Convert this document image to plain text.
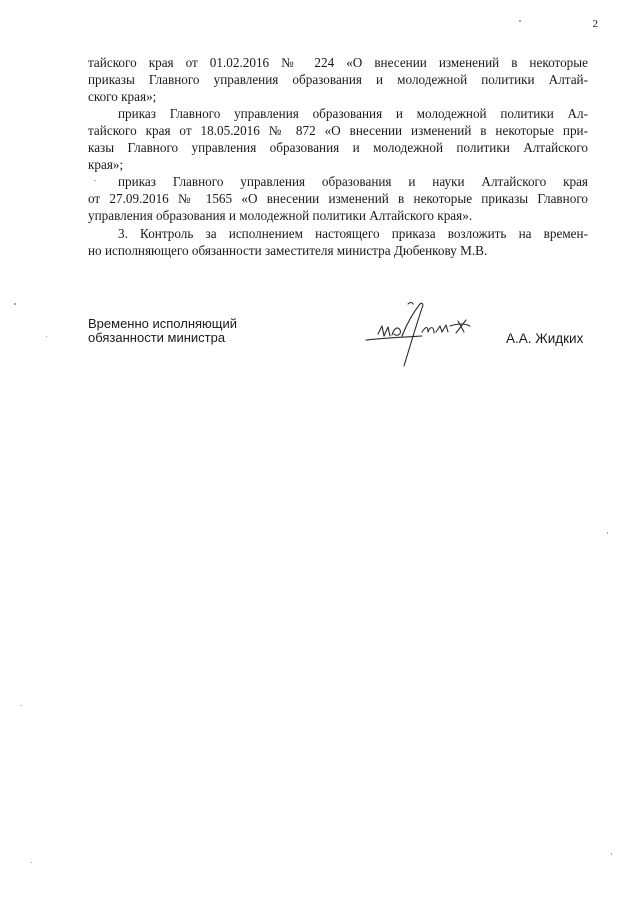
2
тайского края от 01.02.2016 № 224 «О внесении изменений в некоторые
приказы Главного управления образования и молодежной политики Алтай-
ского края»;
приказ Главного управления образования и молодежной политики Ал-
тайского края от 18.05.2016 № 872 «О внесении изменений в некоторые при-
казы Главного управления образования и молодежной политики Алтайского
края»;
приказ Главного управления образования и науки Алтайского края
от 27.09.2016 № 1565 «О внесении изменений в некоторые приказы Главного
управления образования и молодежной политики Алтайского края».
3. Контроль за исполнением настоящего приказа возложить на времен-
но исполняющего обязанности заместителя министра Дюбенкову М.В.
Временно исполняющий
обязанности министра	А.А. Жидких
